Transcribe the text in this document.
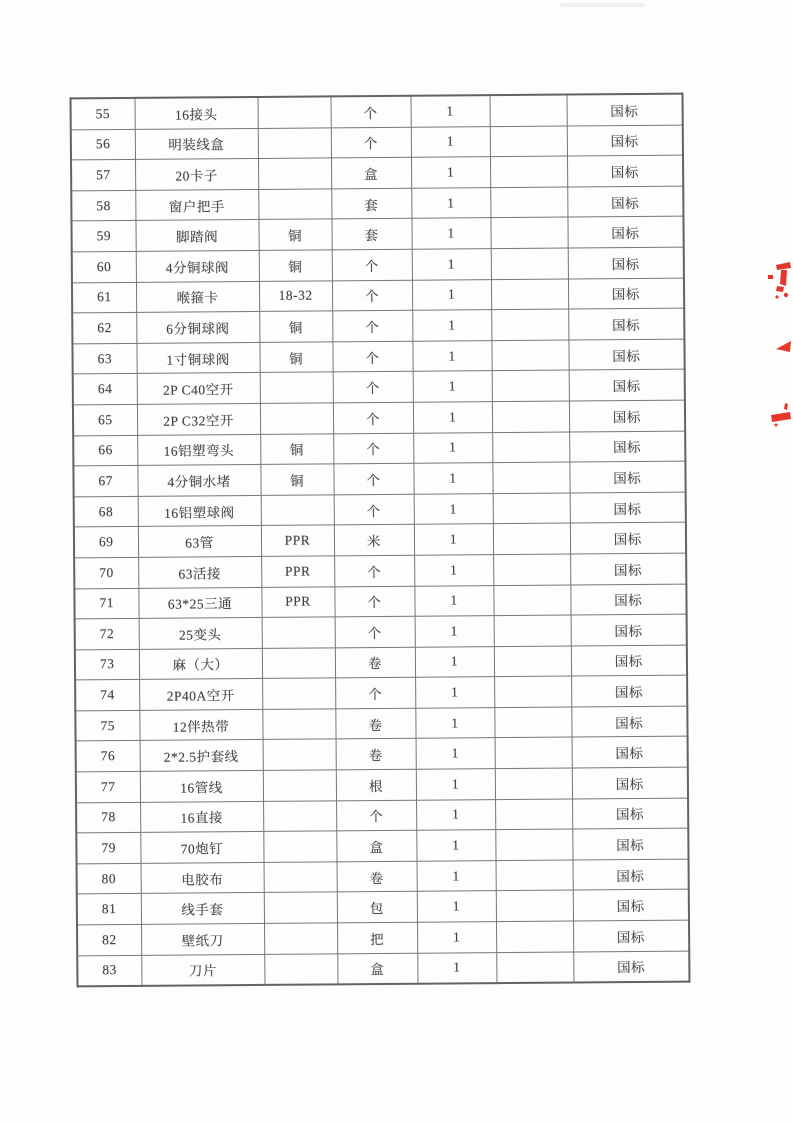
55	16接头		个	1		国标
56	明装线盒		个	1		国标
57	20卡子		盒	1		国标
58	窗户把手		套	1		国标
59	脚踏阀	铜	套	1		国标
60	4分铜球阀	铜	个	1		国标
61	喉箍卡	18-32	个	1		国标
62	6分铜球阀	铜	个	1		国标
63	1寸铜球阀	铜	个	1		国标
64	2P C40空开		个	1		国标
65	2P C32空开		个	1		国标
66	16铝塑弯头	铜	个	1		国标
67	4分铜水堵	铜	个	1		国标
68	16铝塑球阀		个	1		国标
69	63管	PPR	米	1		国标
70	63活接	PPR	个	1		国标
71	63*25三通	PPR	个	1		国标
72	25变头		个	1		国标
73	麻（大）		卷	1		国标
74	2P40A空开		个	1		国标
75	12伴热带		卷	1		国标
76	2*2.5护套线		卷	1		国标
77	16管线		根	1		国标
78	16直接		个	1		国标
79	70炮钉		盒	1		国标
80	电胶布		卷	1		国标
81	线手套		包	1		国标
82	壁纸刀		把	1		国标
83	刀片		盒	1		国标
